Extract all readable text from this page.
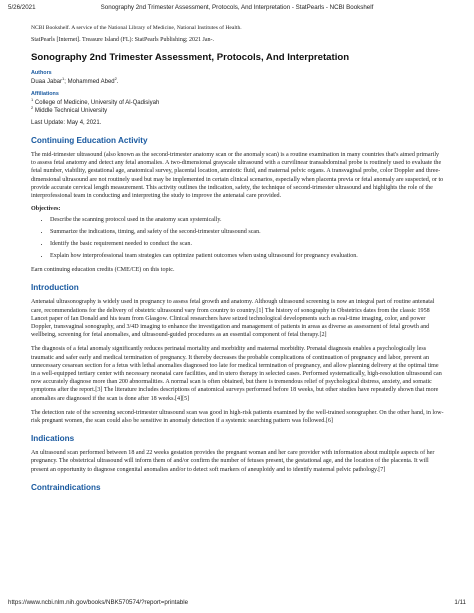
5/26/2021	Sonography 2nd Trimester Assessment, Protocols, And Interpretation - StatPearls - NCBI Bookshelf

NCBI Bookshelf. A service of the National Library of Medicine, National Institutes of Health.

StatPearls [Internet]. Treasure Island (FL): StatPearls Publishing; 2021 Jan-.

Sonography 2nd Trimester Assessment, Protocols, And Interpretation
Authors

Duaa Jabar$^1$; Mohammed Abed$^2$.

Affiliations

$^1$ College of Medicine, University of Al-Qadisiyah

$^2$ Middle Technical University

Last Update: May 4, 2021.

Continuing Education Activity

The mid-trimester ultrasound (also known as the second-trimester anatomy scan or the anomaly scan) is a routine examination in many countries that's aimed primarily to assess fetal anatomy and detect any fetal anomalies. A two-dimensional grayscale ultrasound with a curvilinear transabdominal probe is routinely used to evaluate the fetal number, viability, gestational age, anatomical survey, placental location, amniotic fluid, and maternal pelvic organs. A transvaginal probe, color Doppler and three-dimensional ultrasound are not routinely used but may be implemented in certain clinical scenarios, especially when placenta previa or fetal anomaly are suspected, or to provide accurate cervical length measurement. This activity outlines the indication, safety, the technique of second-trimester ultrasound and highlights the role of the interprofessional team in conducting and interpreting the study to improve the antenatal care provided.

Objectives:
• Describe the scanning protocol used in the anatomy scan systemically.
• Summarize the indications, timing, and safety of the second-trimester ultrasound scan.
• Identify the basic requirement needed to conduct the scan.
• Explain how interprofessional team strategies can optimize patient outcomes when using ultrasound for pregnancy evaluation.

Earn continuing education credits (CME/CE) on this topic.

Introduction

Antenatal ultrasonography is widely used in pregnancy to assess fetal growth and anatomy. Although ultrasound screening is now an integral part of routine antenatal care, recommendations for the delivery of obstetric ultrasound vary from country to country.[1] The history of sonography in Obstetrics dates from the classic 1958 Lancet paper of Ian Donald and his team from Glasgow. Clinical researchers have seized technological developments such as real-time imaging, color, and power Doppler, transvaginal sonography, and 3/4D imaging to enhance the investigation and management of patients in areas as diverse as assessment of fetal growth and wellbeing, screening for fetal anomalies, and ultrasound-guided procedures as an essential component of fetal therapy.[2]

The diagnosis of a fetal anomaly significantly reduces perinatal mortality and morbidity and maternal morbidity. Prenatal diagnosis enables a psychologically less traumatic and safer early and medical termination of pregnancy. It thereby decreases the probable complications of continuation of pregnancy and labor, prevent an unnecessary cesarean section for a fetus with lethal anomalies diagnosed too late for medical termination of pregnancy, and allow planning delivery at the optimal time in a well-equipped tertiary center with necessary neonatal care facilities, and in utero therapy in selected cases. Performed systematically, high-resolution ultrasound can now accurately diagnose more than 200 abnormalities. A normal scan is often obtained, but there is tremendous relief of psychological distress, anxiety, and somatic symptoms after the report.[3] The literature includes descriptions of anatomical surveys performed before 18 weeks, but other studies have repeatedly shown that more anomalies are diagnosed if the scan is done after 18 weeks.[4][5]

The detection rate of the screening second-trimester ultrasound scan was good in high-risk patients examined by the well-trained sonographer. On the other hand, in low-risk pregnant women, the scan could also be sensitive in anomaly detection if a systemic searching pattern was followed.[6]

Indications

An ultrasound scan performed between 18 and 22 weeks gestation provides the pregnant woman and her care provider with information about multiple aspects of her pregnancy. The obstetrical ultrasound will inform them of and/or confirm the number of fetuses present, the gestational age, and the location of the placenta. It will present an opportunity to diagnose congenital anomalies and/or to detect soft markers of aneuploidy and to identify maternal pelvic pathology.[7]

Contraindications
https://www.ncbi.nlm.nih.gov/books/NBK570574/?report=printable	1/11
